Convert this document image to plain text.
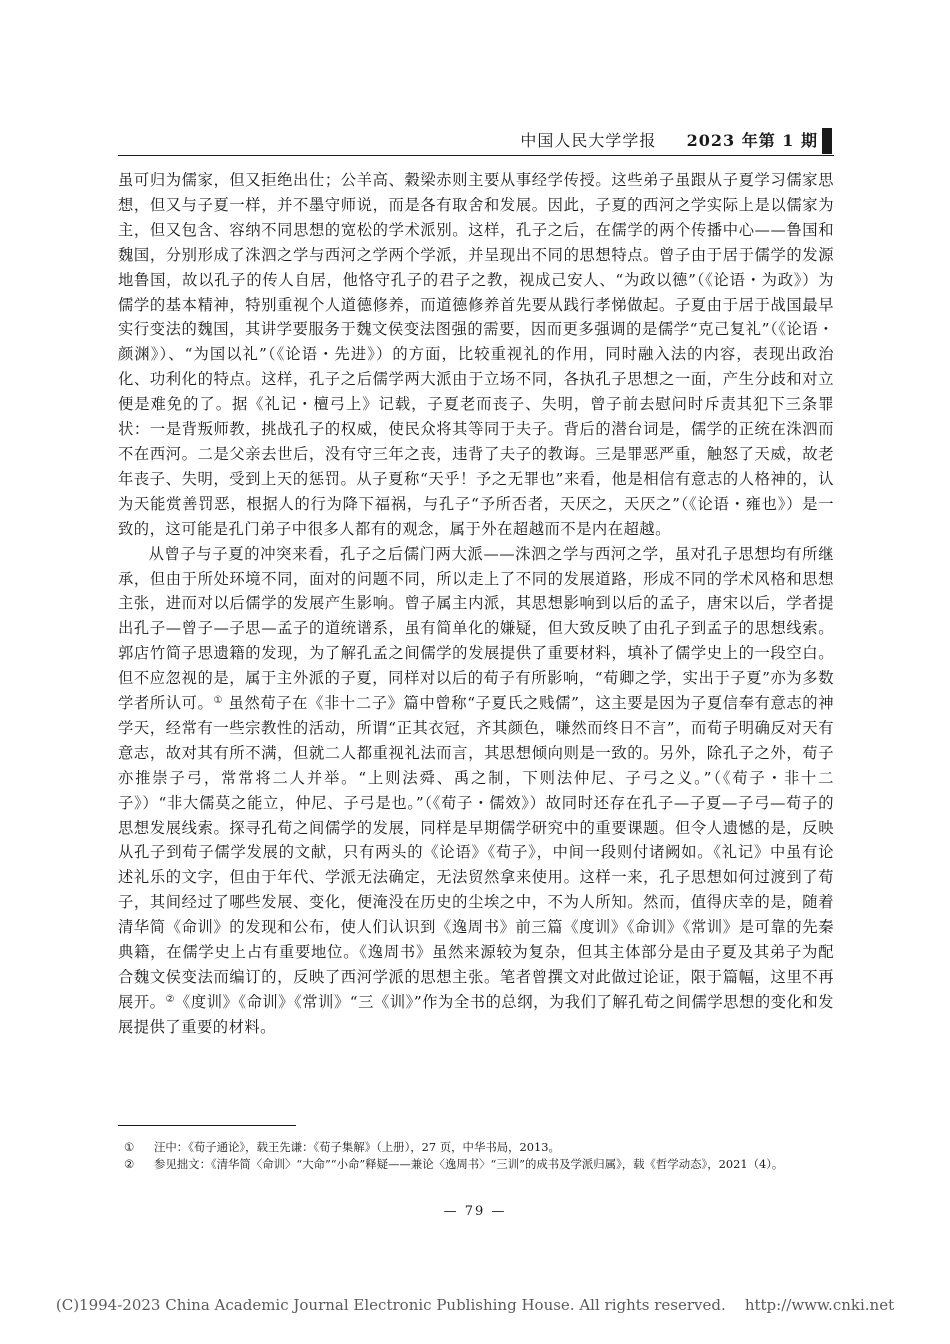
中国人民大学学报 2023 年第 1 期

虽可归为儒家，但又拒绝出仕；公羊高、穀梁赤则主要从事经学传授。这些弟子虽跟从子夏学习儒家思想，但又与子夏一样，并不墨守师说，而是各有取舍和发展。因此，子夏的西河之学实际上是以儒家为主，但又包含、容纳不同思想的宽松的学术派别。这样，孔子之后，在儒学的两个传播中心——鲁国和魏国，分别形成了洙泗之学与西河之学两个学派，并呈现出不同的思想特点。曾子由于居于儒学的发源地鲁国，故以孔子的传人自居，他恪守孔子的君子之教，视成己安人、“为政以德”（《论语・为政》）为儒学的基本精神，特别重视个人道德修养，而道德修养首先要从践行孝悌做起。子夏由于居于战国最早实行变法的魏国，其讲学要服务于魏文侯变法图强的需要，因而更多强调的是儒学“克己复礼”（《论语・颜渊》）、“为国以礼”（《论语・先进》）的方面，比较重视礼的作用，同时融入法的内容，表现出政治化、功利化的特点。这样，孔子之后儒学两大派由于立场不同，各执孔子思想之一面，产生分歧和对立便是难免的了。据《礼记・檀弓上》记载，子夏老而丧子、失明，曾子前去慰问时斥责其犯下三条罪状：一是背叛师教，挑战孔子的权威，使民众将其等同于夫子。背后的潜台词是，儒学的正统在洙泗而不在西河。二是父亲去世后，没有守三年之丧，违背了夫子的教诲。三是罪恶严重，触怒了天威，故老年丧子、失明，受到上天的惩罚。从子夏称“天乎！予之无罪也”来看，他是相信有意志的人格神的，认为天能赏善罚恶，根据人的行为降下福祸，与孔子“予所否者，天厌之，天厌之”（《论语・雍也》）是一致的，这可能是孔门弟子中很多人都有的观念，属于外在超越而不是内在超越。

从曾子与子夏的冲突来看，孔子之后儒门两大派——洙泗之学与西河之学，虽对孔子思想均有所继承，但由于所处环境不同，面对的问题不同，所以走上了不同的发展道路，形成不同的学术风格和思想主张，进而对以后儒学的发展产生影响。曾子属主内派，其思想影响到以后的孟子，唐宋以后，学者提出孔子—曾子—子思—孟子的道统谱系，虽有简单化的嫌疑，但大致反映了由孔子到孟子的思想线索。郭店竹简子思遗籍的发现，为了解孔孟之间儒学的发展提供了重要材料，填补了儒学史上的一段空白。但不应忽视的是，属于主外派的子夏，同样对以后的荀子有所影响，“荀卿之学，实出于子夏”亦为多数学者所认可。① 虽然荀子在《非十二子》篇中曾称“子夏氏之贱儒”，这主要是因为子夏信奉有意志的神学天，经常有一些宗教性的活动，所谓“正其衣冠，齐其颜色，嗛然而终日不言”，而荀子明确反对天有意志，故对其有所不满，但就二人都重视礼法而言，其思想倾向则是一致的。另外，除孔子之外，荀子亦推崇子弓，常常将二人并举。“上则法舜、禹之制，下则法仲尼、子弓之义。”（《荀子・非十二子》）“非大儒莫之能立，仲尼、子弓是也。”（《荀子・儒效》）故同时还存在孔子—子夏—子弓—荀子的思想发展线索。探寻孔荀之间儒学的发展，同样是早期儒学研究中的重要课题。但令人遗憾的是，反映从孔子到荀子儒学发展的文献，只有两头的《论语》《荀子》，中间一段则付诸阙如。《礼记》中虽有论述礼乐的文字，但由于年代、学派无法确定，无法贸然拿来使用。这样一来，孔子思想如何过渡到了荀子，其间经过了哪些发展、变化，便淹没在历史的尘埃之中，不为人所知。然而，值得庆幸的是，随着清华简《命训》的发现和公布，使人们认识到《逸周书》前三篇《度训》《命训》《常训》是可靠的先秦典籍，在儒学史上占有重要地位。《逸周书》虽然来源较为复杂，但其主体部分是由子夏及其弟子为配合魏文侯变法而编订的，反映了西河学派的思想主张。笔者曾撰文对此做过论证，限于篇幅，这里不再展开。②《度训》《命训》《常训》“三《训》”作为全书的总纲，为我们了解孔荀之间儒学思想的变化和发展提供了重要的材料。

①	汪中：《荀子通论》，载王先谦：《荀子集解》（上册），27 页，中华书局，2013。
②	参见拙文：《清华简〈命训〉“大命”“小命”释疑——兼论〈逸周书〉“三训”的成书及学派归属》，载《哲学动态》，2021（4）。
— 79 —
(C)1994-2023 China Academic Journal Electronic Publishing House. All rights reserved.    http://www.cnki.net
